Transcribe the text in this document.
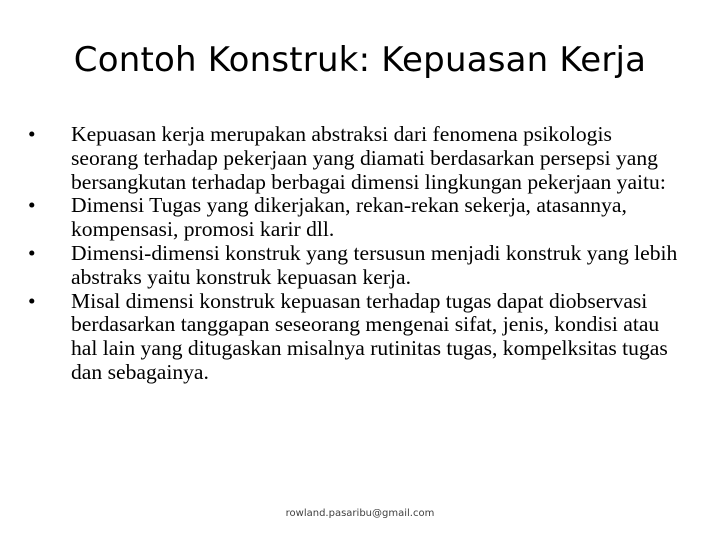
Contoh Konstruk: Kepuasan Kerja
•	Kepuasan kerja merupakan abstraksi dari fenomena psikologis seorang terhadap pekerjaan yang diamati berdasarkan persepsi yang bersangkutan terhadap berbagai dimensi lingkungan pekerjaan yaitu:
•	Dimensi Tugas yang dikerjakan, rekan-rekan sekerja, atasannya, kompensasi, promosi karir dll.
•	Dimensi-dimensi konstruk yang tersusun menjadi konstruk yang lebih abstraks yaitu konstruk kepuasan kerja.
•	Misal dimensi konstruk kepuasan terhadap tugas dapat diobservasi berdasarkan tanggapan seseorang mengenai sifat, jenis, kondisi atau hal lain yang ditugaskan misalnya rutinitas tugas, kompelksitas tugas dan sebagainya.
rowland.pasaribu@gmail.com
